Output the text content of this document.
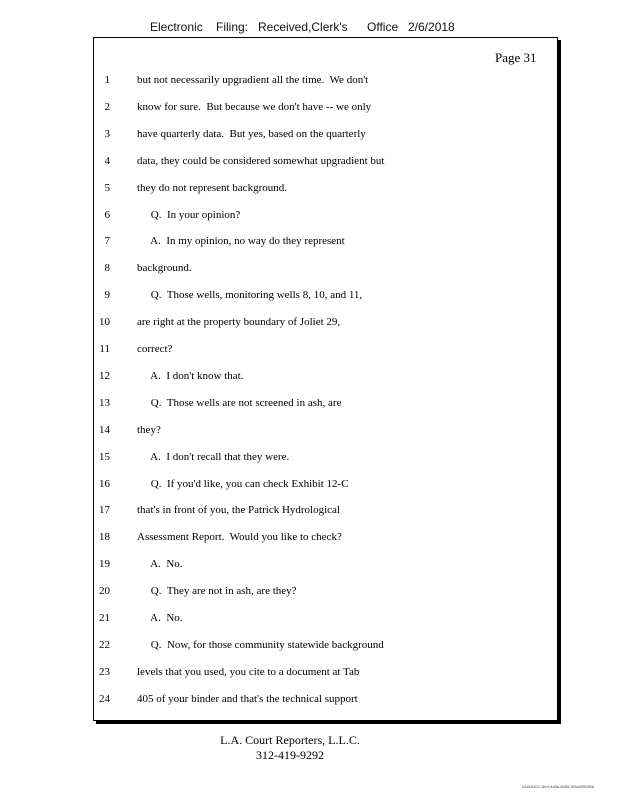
Electronic Filing: Received,Clerk's Office 2/6/2018
Page 31
1 but not necessarily upgradient all the time.  We don't
2 know for sure.  But because we don't have -- we only
3 have quarterly data.  But yes, based on the quarterly
4 data, they could be considered somewhat upgradient but
5 they do not represent background.
6 Q.  In your opinion?
7 A.  In my opinion, no way do they represent
8 background.
9 Q.  Those wells, monitoring wells 8, 10, and 11,
10 are right at the property boundary of Joliet 29,
11 correct?
12 A.  I don't know that.
13 Q.  Those wells are not screened in ash, are
14 they?
15 A.  I don't recall that they were.
16 Q.  If you'd like, you can check Exhibit 12-C
17 that's in front of you, the Patrick Hydrological
18 Assessment Report.  Would you like to check?
19 A.  No.
20 Q.  They are not in ash, are they?
21 A.  No.
22 Q.  Now, for those community statewide background
23 levels that you used, you cite to a document at Tab
24 405 of your binder and that's the technical support
L.A. Court Reporters, L.L.C.
312-419-9292
546c5102-1fe4-4d5a-8b55-f00a3952896
